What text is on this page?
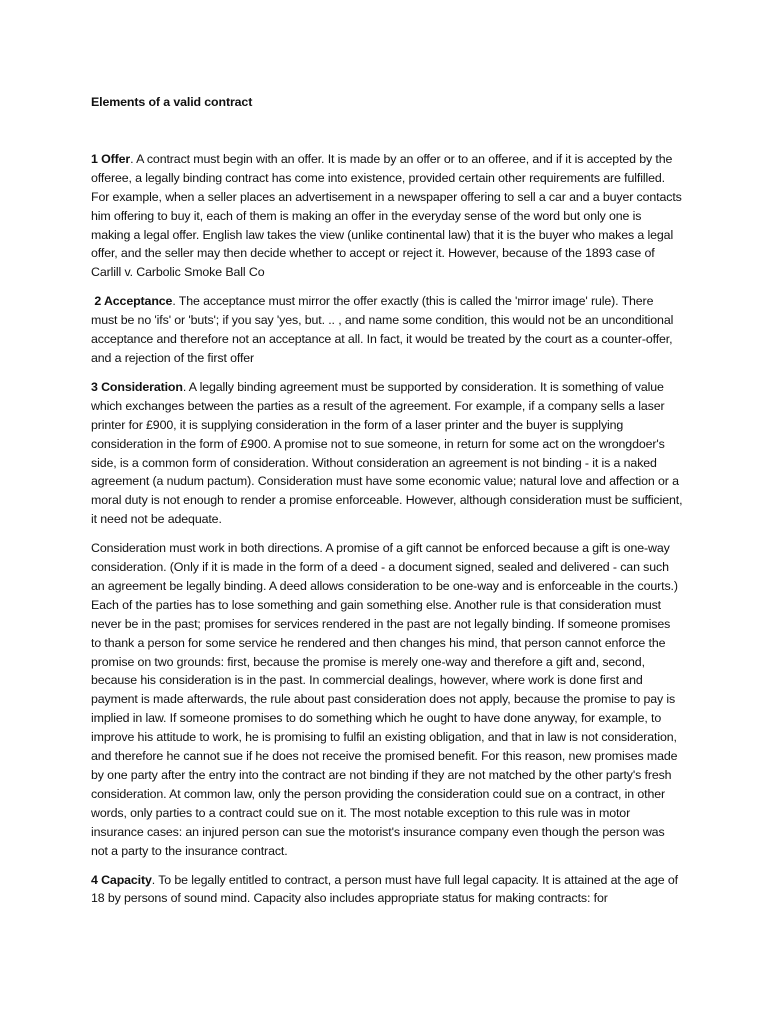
Elements of a valid contract

1 Offer. A contract must begin with an offer. It is made by an offer or to an offeree, and if it is accepted by the offeree, a legally binding contract has come into existence, provided certain other requirements are fulfilled. For example, when a seller places an advertisement in a newspaper offering to sell a car and a buyer contacts him offering to buy it, each of them is making an offer in the everyday sense of the word but only one is making a legal offer. English law takes the view (unlike continental law) that it is the buyer who makes a legal offer, and the seller may then decide whether to accept or reject it. However, because of the 1893 case of Carlill v. Carbolic Smoke Ball Co

2 Acceptance. The acceptance must mirror the offer exactly (this is called the 'mirror image' rule). There must be no 'ifs' or 'buts'; if you say 'yes, but. .. , and name some condition, this would not be an unconditional acceptance and therefore not an acceptance at all. In fact, it would be treated by the court as a counter-offer, and a rejection of the first offer

3 Consideration. A legally binding agreement must be supported by consideration. It is something of value which exchanges between the parties as a result of the agreement. For example, if a company sells a laser printer for £900, it is supplying consideration in the form of a laser printer and the buyer is supplying consideration in the form of £900. A promise not to sue someone, in return for some act on the wrongdoer's side, is a common form of consideration. Without consideration an agreement is not binding - it is a naked agreement (a nudum pactum). Consideration must have some economic value; natural love and affection or a moral duty is not enough to render a promise enforceable. However, although consideration must be sufficient, it need not be adequate.

Consideration must work in both directions. A promise of a gift cannot be enforced because a gift is one-way consideration. (Only if it is made in the form of a deed - a document signed, sealed and delivered - can such an agreement be legally binding. A deed allows consideration to be one-way and is enforceable in the courts.) Each of the parties has to lose something and gain something else. Another rule is that consideration must never be in the past; promises for services rendered in the past are not legally binding. If someone promises to thank a person for some service he rendered and then changes his mind, that person cannot enforce the promise on two grounds: first, because the promise is merely one-way and therefore a gift and, second, because his consideration is in the past. In commercial dealings, however, where work is done first and payment is made afterwards, the rule about past consideration does not apply, because the promise to pay is implied in law. If someone promises to do something which he ought to have done anyway, for example, to improve his attitude to work, he is promising to fulfil an existing obligation, and that in law is not consideration, and therefore he cannot sue if he does not receive the promised benefit. For this reason, new promises made by one party after the entry into the contract are not binding if they are not matched by the other party's fresh consideration. At common law, only the person providing the consideration could sue on a contract, in other words, only parties to a contract could sue on it. The most notable exception to this rule was in motor insurance cases: an injured person can sue the motorist's insurance company even though the person was not a party to the insurance contract.

4 Capacity. To be legally entitled to contract, a person must have full legal capacity. It is attained at the age of 18 by persons of sound mind. Capacity also includes appropriate status for making contracts: for
